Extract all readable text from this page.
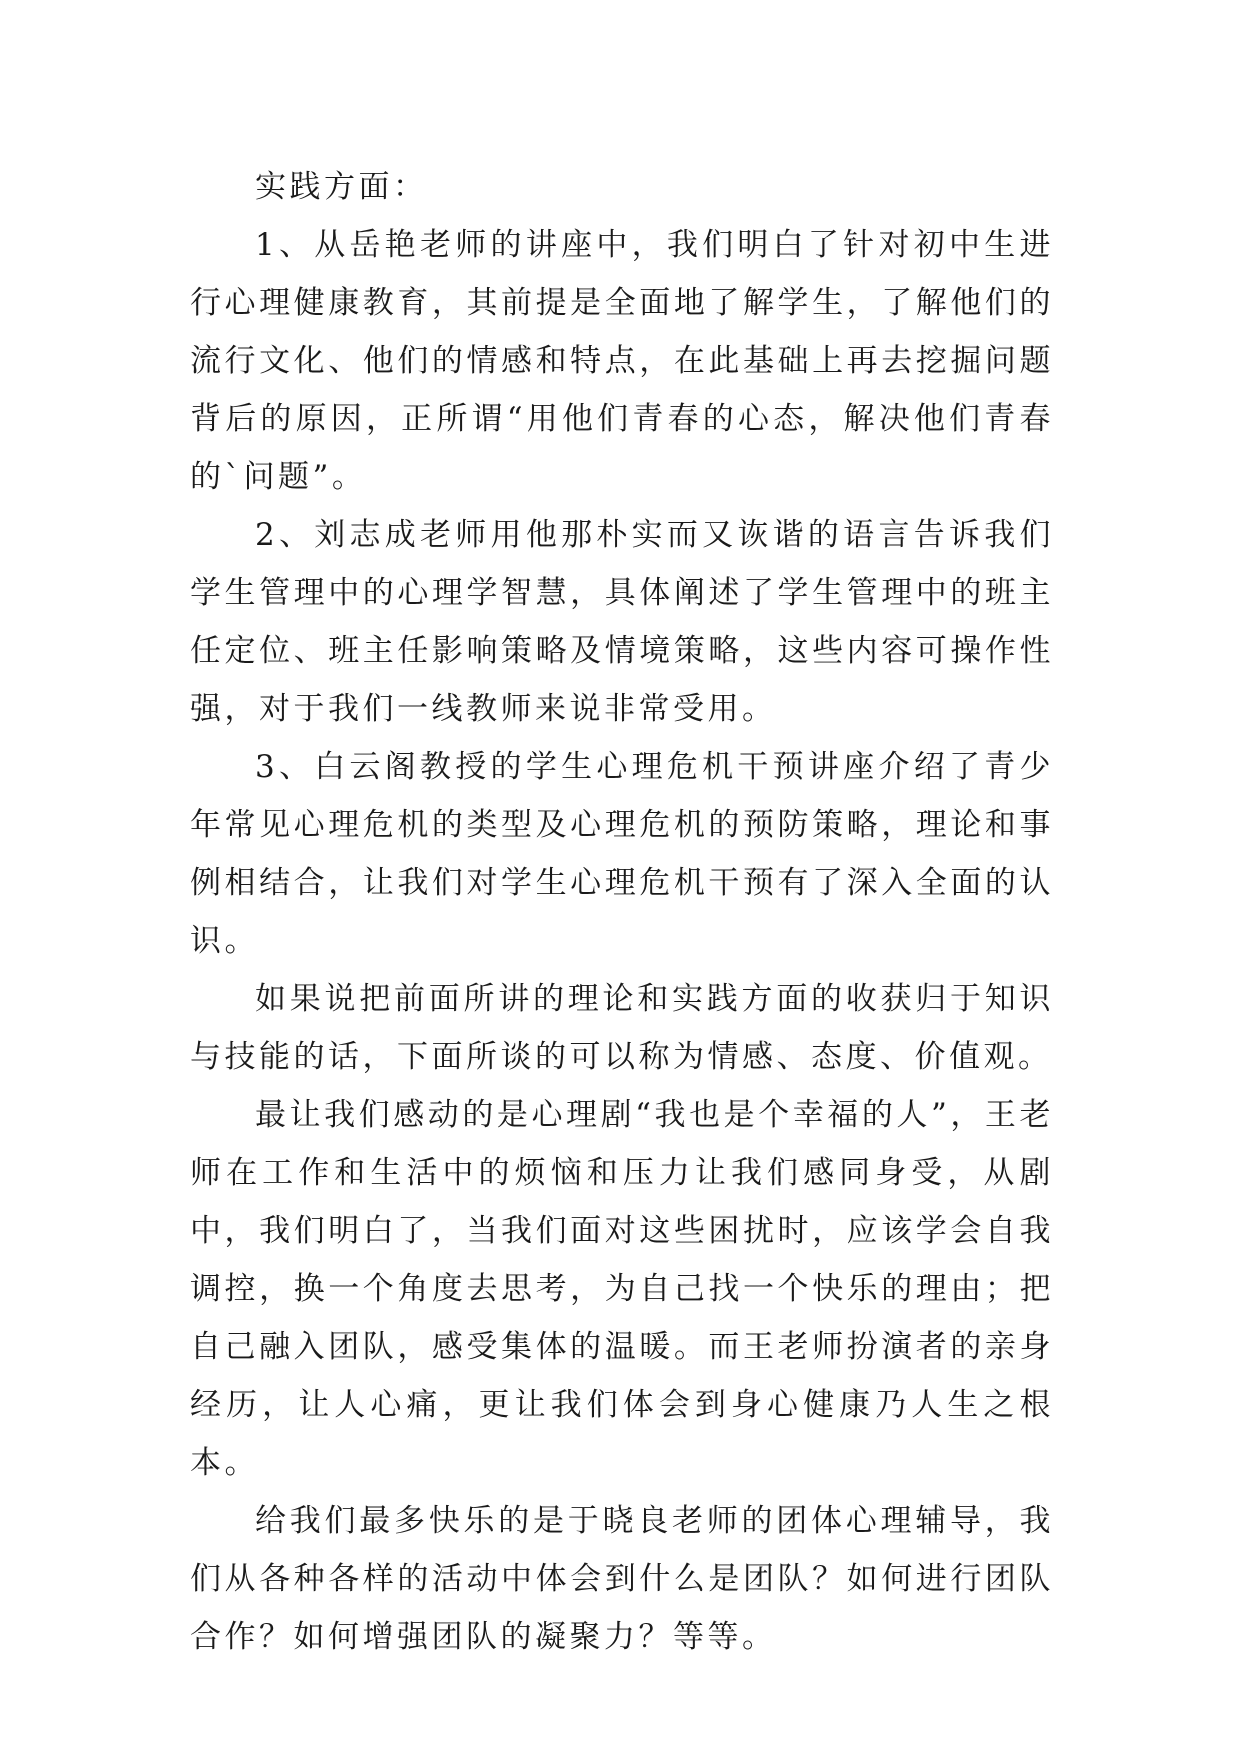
实践方面：

1、从岳艳老师的讲座中，我们明白了针对初中生进行心理健康教育，其前提是全面地了解学生，了解他们的流行文化、他们的情感和特点，在此基础上再去挖掘问题背后的原因，正所谓“用他们青春的心态，解决他们青春的`问题”。

2、刘志成老师用他那朴实而又诙谐的语言告诉我们学生管理中的心理学智慧，具体阐述了学生管理中的班主任定位、班主任影响策略及情境策略，这些内容可操作性强，对于我们一线教师来说非常受用。

3、白云阁教授的学生心理危机干预讲座介绍了青少年常见心理危机的类型及心理危机的预防策略，理论和事例相结合，让我们对学生心理危机干预有了深入全面的认识。

如果说把前面所讲的理论和实践方面的收获归于知识与技能的话，下面所谈的可以称为情感、态度、价值观。

最让我们感动的是心理剧“我也是个幸福的人”，王老师在工作和生活中的烦恼和压力让我们感同身受，从剧中，我们明白了，当我们面对这些困扰时，应该学会自我调控，换一个角度去思考，为自己找一个快乐的理由；把自己融入团队，感受集体的温暖。而王老师扮演者的亲身经历，让人心痛，更让我们体会到身心健康乃人生之根本。

给我们最多快乐的是于晓良老师的团体心理辅导，我们从各种各样的活动中体会到什么是团队？如何进行团队合作？如何增强团队的凝聚力？等等。
